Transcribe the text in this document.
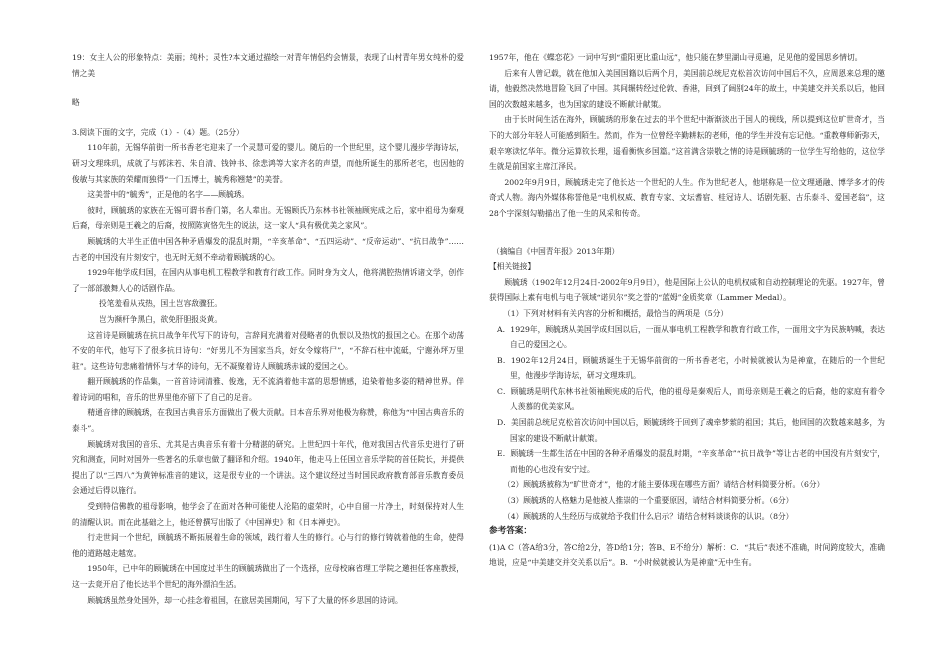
19：女主人公的形象特点：美丽；纯朴；灵性?本文通过描绘一对青年情侣约会情景，表现了山村青年男女纯朴的爱情之美

略

3.阅读下面的文字，完成（1）-（4）题。（25分）

110年前，无锡华前街一所书香老宅迎来了一个灵慧可爱的婴儿。随后的一个世纪里，这个婴儿漫步学海诗坛，研习文理珠玑，成就了与郭沫若、朱自清、钱钟书、徐悲鸿等大家齐名的声望，而他所诞生的那所老宅，也因他的俊敏与其家族的荣耀而独得“一门五博士，毓秀称翘楚”的美誉。

这美誉中的“毓秀”，正是他的名字——顾毓琇。

彼时，顾毓琇的家族在无锡可谓书香门第，名人辈出。无锡顾氏乃东林书社领袖顾宪成之后，家中祖母为秦观后裔，母亲则是王羲之的后裔，按照陈寅恪先生的说法，这一家人“具有极优美之家风”。

顾毓琇的大半生正值中国各种矛盾爆发的混乱时期，“辛亥革命”、“五四运动”、“反帝运动”、“抗日战争”……古老的中国没有片刻安宁，也无时无刻不牵动着顾毓琇的心。

1929年他学成归国，在国内从事电机工程教学和教育行政工作。同时身为文人，他将满腔热情诉诸文学，创作了一部部激舞人心的话剧作品。

投笔羞看从戎热，国土岂容敌骤狂。

岂为濒杆争黑白，欲免肝胆报炎黄。

这首诗是顾毓琇在抗日战争年代写下的诗句，言辞间充满着对侵略者的仇恨以及热忱的报国之心。在那个动荡不安的年代，他写下了很多抗日诗句：“好男儿不为国家当兵，好女令嫁将尸”，“不辞石柱中流砥，宁谢孙坪万里驻”。这些诗句悲痛着情怀与才华的诗句，无不凝聚着诗人顾毓琇赤诚的爱国之心。

翻开顾毓琇的作品集，一首首诗词清雅、俊逸，无不流淌着他丰富的思想情感，追染着他多姿的精神世界。伴着诗词的唱和，音乐的世界里他亦留下了自己的足音。

精通音律的顾毓琇，在我国古典音乐方面做出了极大贡献。日本音乐界对他极为称赞，称他为“中国古典音乐的泰斗”。

顾毓琇对我国的音乐、尤其是古典音乐有着十分精湛的研究。上世纪四十年代，他对我国古代音乐史进行了研究和测查，同时对国外一些著名的乐章也做了翻译和介绍。1940年，他走马上任国立音乐学院的首任院长，并提供提出了以“三四八”为黄钟标准音的建议，这是很专业的一个讲法。这个建议经过当时国民政府教育部音乐教育委员会通过后得以施行。

受到特信佛教的祖母影响，他学会了在面对各种可能使人沦陷的虚荣时，心中自留一片净土，时刻保持对人生的清醒认识。而在此基础之上，他还曾撰写出版了《中国禅史》和《日本禅史》。

行走世间一个世纪，顾毓琇不断拓展着生命的领域，践行着人生的修行。心与行的修行铸就着他的生命，使得他的道路越走越宽。

1950年，已中年的顾毓琇在中国度过半生的顾毓琇做出了一个选择，应母校麻省理工学院之邀担任客座教授，这一去竟开启了他长达半个世纪的海外漂泊生活。

顾毓琇虽然身处国外，却一心挂念着祖国，在旅居美国期间，写下了大量的怀乡思国的诗词。

1957年，他在《蝶恋花》一词中写到“重阳更比重山远”，他只能在梦里湖山寻觅遍，足见他的爱国思乡情切。

后来有人曾记载，就在他加入美国国籍以后两个月，美国前总统尼克松首次访问中国后不久，应周恩来总理的邀请，他毅然决然地冒险飞回了中国。其间辗转经过伦敦、香港，回到了阔别24年的故土，中美建交并关系以后，他回国的次数越来越多，也为国家的建设不断献计献策。

由于长时间生活在海外，顾毓琇的形象在过去的半个世纪中渐渐淡出于国人的视线，所以提到这位旷世奇才，当下的大部分年轻人可能感到陌生。然而，作为一位曾经辛勤耕耘的老师，他的学生并没有忘记他。“重教尊师新弥天，艰辛寒读忆华年。微分运算钦长理，遥看衡恢乡国篇。”这首满含崇敬之情的诗是顾毓琇的一位学生写给他的，这位学生就是前国家主席江泽民。

2002年9月9日，顾毓琇走完了他长达一个世纪的人生。作为世纪老人，他堪称是一位文理通融、博学多才的传奇式人物。海内外媒体称誉他是“电机权威、教育专家、文坛耆宿、桂冠诗人、话剧先驱、古乐泰斗、爱国老翁”，这28个字深刻勾勒描出了他一生的风采和传奇。

（摘编自《中国青年报》2013年期）

【相关链接】

顾毓琇（1902年12月24日-2002年9月9日），他是国际上公认的电机权威和自动控制理论的先驱。1927年，曾获得国际上素有电机与电子领域“诺贝尔”奖之誉的“蓝姆”金质奖章（Lammer Medal）。

（1）下列对材料有关内容的分析和概括，最恰当的两项是（5分）

A．1929年，顾毓琇从美国学成归国以后，一面从事电机工程教学和教育行政工作，一面用文字为民族呐喊，表达自己的爱国之心。

B．1902年12月24日，顾毓琇诞生于无锡华前街的一所书香老宅，小时候就被认为是神童，在随后的一个世纪里，他漫步学海诗坛，研习文理珠玑。

C．顾毓琇是明代东林书社领袖顾宪成的后代，他的祖母是秦观后人，而母亲则是王羲之的后裔，他的家庭有着令人羡慕的优美家风。

D．美国前总统尼克松首次访问中国以后，顾毓琇终于回到了魂牵梦萦的祖国；其后，他回国的次数越来越多，为国家的建设不断献计献策。

E．顾毓琇一生都生活在中国的各种矛盾爆发的混乱时期，“辛亥革命”“抗日战争”等让古老的中国没有片刻安宁，而他的心也没有安宁过。

（2）顾毓琇被称为“旷世奇才”，他的才能主要体现在哪些方面？请结合材料简要分析。（6分）

（3）顾毓琇的人格魅力是他被人推崇的一个重要原因，请结合材料简要分析。（6分）

（4）顾毓琇的人生经历与成就给予我们什么启示？请结合材料谈谈你的认识。（8分）

参考答案：

(1)A C（答A给3分，答C给2分，答D给1分；答B、E不给分）解析：C．“其后”表述不准确，时间跨度较大，准确地说，应是“中美建交并交关系以后”。B．“小时候就被认为是神童”无中生有。
